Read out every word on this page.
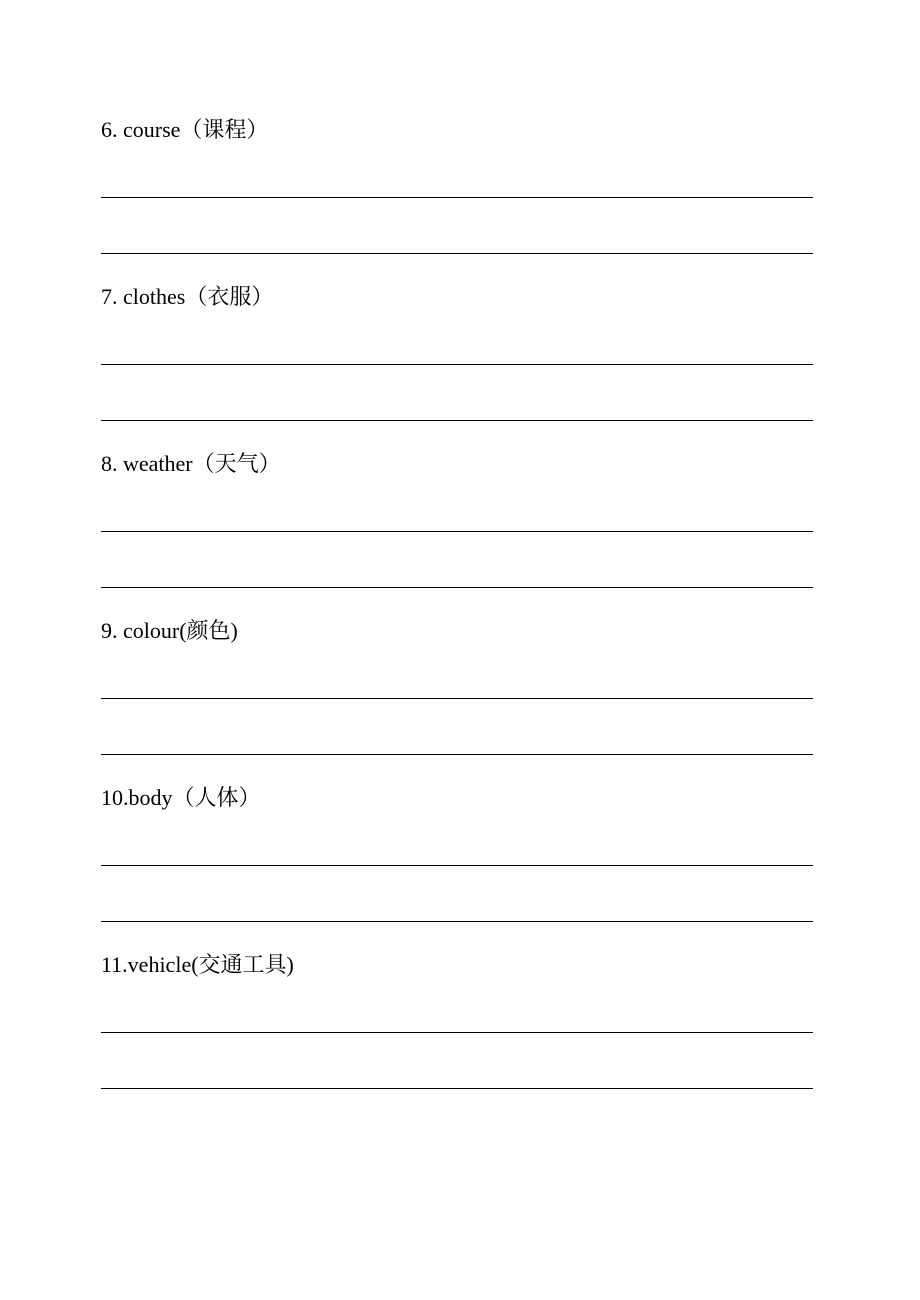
6. course（课程）
7. clothes（衣服）
8. weather（天气）
9. colour(颜色)
10.body（人体）
11.vehicle(交通工具)
